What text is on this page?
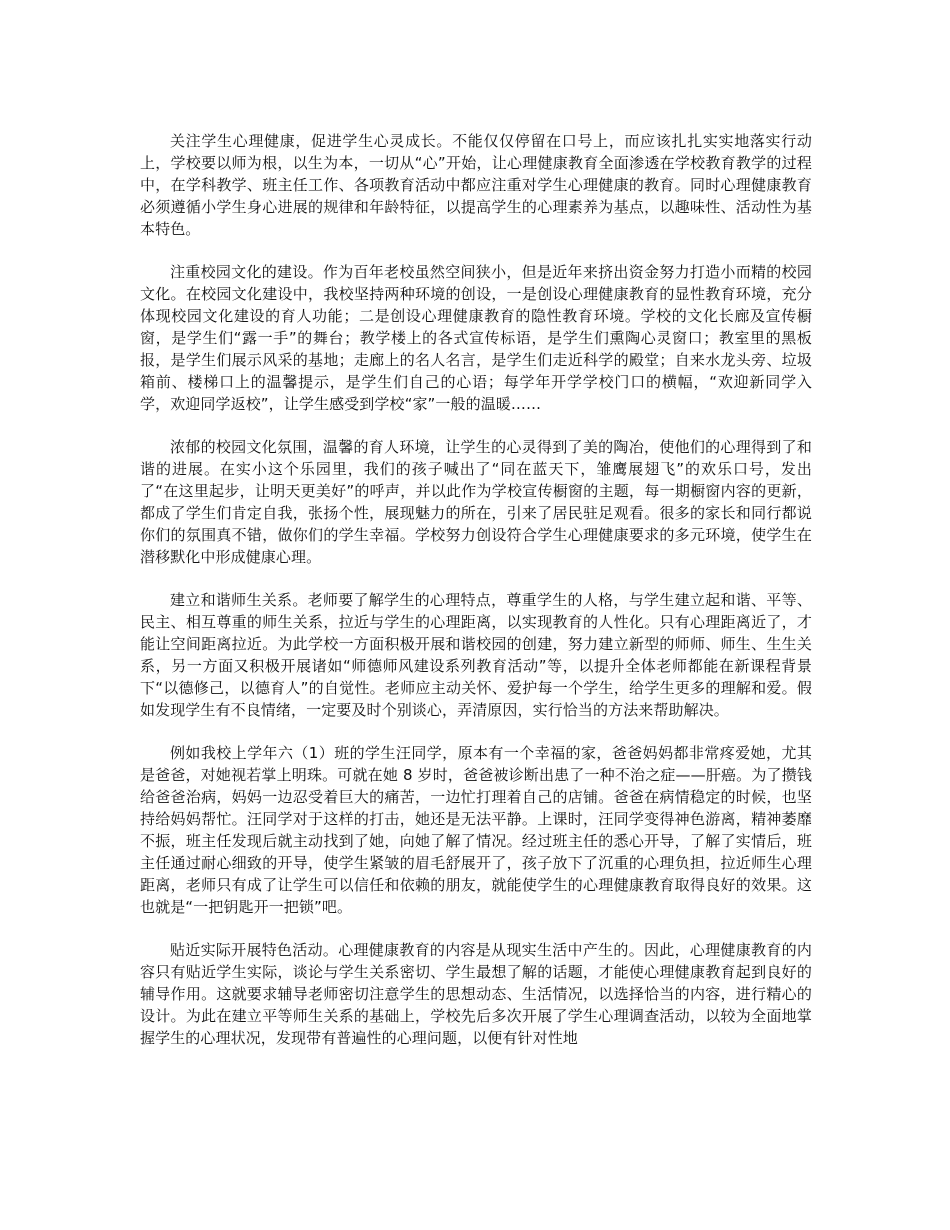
关注学生心理健康，促进学生心灵成长。不能仅仅停留在口号上，而应该扎扎实实地落实行动上，学校要以师为根，以生为本，一切从“心”开始，让心理健康教育全面渗透在学校教育教学的过程中，在学科教学、班主任工作、各项教育活动中都应注重对学生心理健康的教育。同时心理健康教育必须遵循小学生身心进展的规律和年龄特征，以提高学生的心理素养为基点，以趣味性、活动性为基本特色。

注重校园文化的建设。作为百年老校虽然空间狭小，但是近年来挤出资金努力打造小而精的校园文化。在校园文化建设中，我校坚持两种环境的创设，一是创设心理健康教育的显性教育环境，充分体现校园文化建设的育人功能；二是创设心理健康教育的隐性教育环境。学校的文化长廊及宣传橱窗，是学生们“露一手”的舞台；教学楼上的各式宣传标语，是学生们熏陶心灵窗口；教室里的黑板报，是学生们展示风采的基地；走廊上的名人名言，是学生们走近科学的殿堂；自来水龙头旁、垃圾箱前、楼梯口上的温馨提示，是学生们自己的心语；每学年开学学校门口的横幅，“欢迎新同学入学，欢迎同学返校”，让学生感受到学校“家”一般的温暖……

浓郁的校园文化氛围，温馨的育人环境，让学生的心灵得到了美的陶冶，使他们的心理得到了和谐的进展。在实小这个乐园里，我们的孩子喊出了“同在蓝天下，雏鹰展翅飞”的欢乐口号，发出了“在这里起步，让明天更美好”的呼声，并以此作为学校宣传橱窗的主题，每一期橱窗内容的更新，都成了学生们肯定自我，张扬个性，展现魅力的所在，引来了居民驻足观看。很多的家长和同行都说你们的氛围真不错，做你们的学生幸福。学校努力创设符合学生心理健康要求的多元环境，使学生在潜移默化中形成健康心理。

建立和谐师生关系。老师要了解学生的心理特点，尊重学生的人格，与学生建立起和谐、平等、民主、相互尊重的师生关系，拉近与学生的心理距离，以实现教育的人性化。只有心理距离近了，才能让空间距离拉近。为此学校一方面积极开展和谐校园的创建，努力建立新型的师师、师生、生生关系，另一方面又积极开展诸如“师德师风建设系列教育活动”等，以提升全体老师都能在新课程背景下“以德修己，以德育人”的自觉性。老师应主动关怀、爱护每一个学生，给学生更多的理解和爱。假如发现学生有不良情绪，一定要及时个别谈心，弄清原因，实行恰当的方法来帮助解决。

例如我校上学年六（1）班的学生汪同学，原本有一个幸福的家，爸爸妈妈都非常疼爱她，尤其是爸爸，对她视若掌上明珠。可就在她 8 岁时，爸爸被诊断出患了一种不治之症——肝癌。为了攒钱给爸爸治病，妈妈一边忍受着巨大的痛苦，一边忙打理着自己的店铺。爸爸在病情稳定的时候，也坚持给妈妈帮忙。汪同学对于这样的打击，她还是无法平静。上课时，汪同学变得神色游离，精神萎靡不振，班主任发现后就主动找到了她，向她了解了情况。经过班主任的悉心开导，了解了实情后，班主任通过耐心细致的开导，使学生紧皱的眉毛舒展开了，孩子放下了沉重的心理负担，拉近师生心理距离，老师只有成了让学生可以信任和依赖的朋友，就能使学生的心理健康教育取得良好的效果。这也就是“一把钥匙开一把锁”吧。

贴近实际开展特色活动。心理健康教育的内容是从现实生活中产生的。因此，心理健康教育的内容只有贴近学生实际，谈论与学生关系密切、学生最想了解的话题，才能使心理健康教育起到良好的辅导作用。这就要求辅导老师密切注意学生的思想动态、生活情况，以选择恰当的内容，进行精心的设计。为此在建立平等师生关系的基础上，学校先后多次开展了学生心理调查活动，以较为全面地掌握学生的心理状况，发现带有普遍性的心理问题，以便有针对性地
